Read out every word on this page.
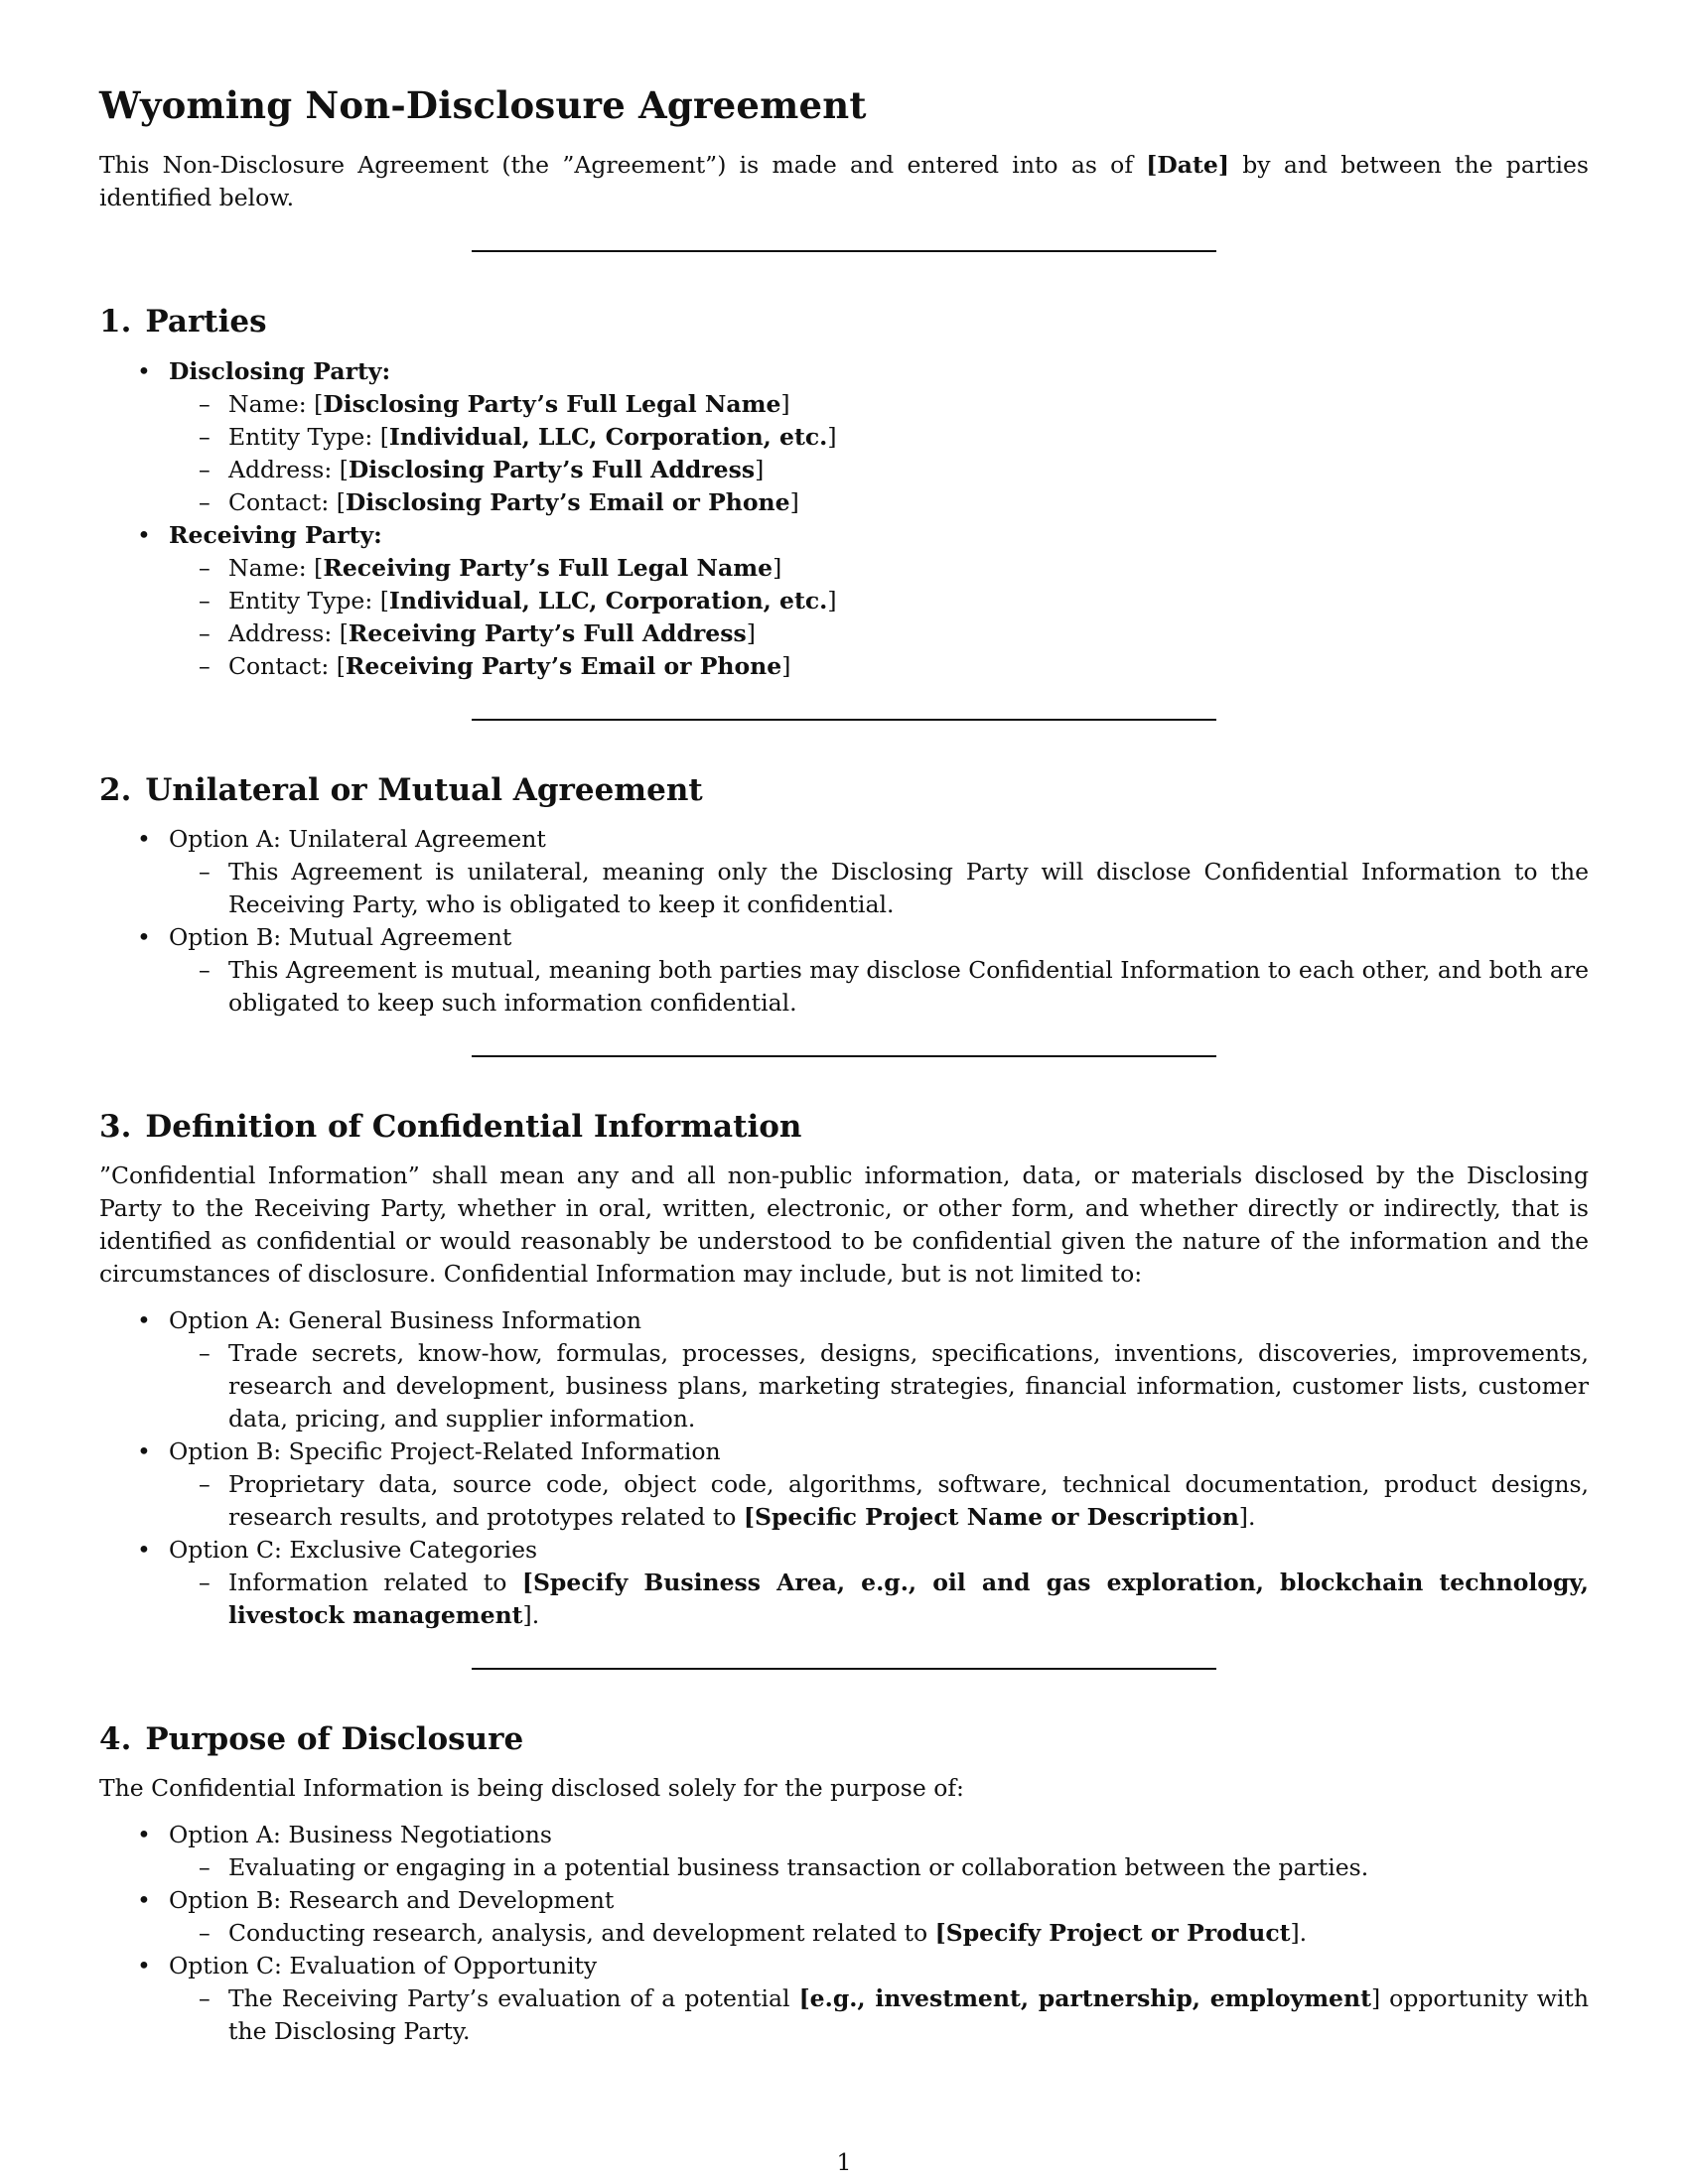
Wyoming Non-Disclosure Agreement

This Non-Disclosure Agreement (the ”Agreement”) is made and entered into as of [Date] by and between the parties identified below.

1. Parties
• Disclosing Party:
– Name: [Disclosing Party’s Full Legal Name]
– Entity Type: [Individual, LLC, Corporation, etc.]
– Address: [Disclosing Party’s Full Address]
– Contact: [Disclosing Party’s Email or Phone]
• Receiving Party:
– Name: [Receiving Party’s Full Legal Name]
– Entity Type: [Individual, LLC, Corporation, etc.]
– Address: [Receiving Party’s Full Address]
– Contact: [Receiving Party’s Email or Phone]
2. Unilateral or Mutual Agreement
• Option A: Unilateral Agreement
– This Agreement is unilateral, meaning only the Disclosing Party will disclose Confidential Information to the Receiving Party, who is obligated to keep it confidential.
• Option B: Mutual Agreement
– This Agreement is mutual, meaning both parties may disclose Confidential Information to each other, and both are obligated to keep such information confidential.
3. Definition of Confidential Information

”Confidential Information” shall mean any and all non-public information, data, or materials disclosed by the Disclosing Party to the Receiving Party, whether in oral, written, electronic, or other form, and whether directly or indirectly, that is identified as confidential or would reasonably be understood to be confidential given the nature of the information and the circumstances of disclosure. Confidential Information may include, but is not limited to:

• Option A: General Business Information
– Trade secrets, know-how, formulas, processes, designs, specifications, inventions, discoveries, improvements, research and development, business plans, marketing strategies, financial information, customer lists, customer data, pricing, and supplier information.
• Option B: Specific Project-Related Information
– Proprietary data, source code, object code, algorithms, software, technical documentation, product designs, research results, and prototypes related to [Specific Project Name or Description].
• Option C: Exclusive Categories
– Information related to [Specify Business Area, e.g., oil and gas exploration, blockchain technology, livestock management].
4. Purpose of Disclosure

The Confidential Information is being disclosed solely for the purpose of:

• Option A: Business Negotiations
– Evaluating or engaging in a potential business transaction or collaboration between the parties.
• Option B: Research and Development
– Conducting research, analysis, and development related to [Specify Project or Product].
• Option C: Evaluation of Opportunity
– The Receiving Party’s evaluation of a potential [e.g., investment, partnership, employment] opportunity with the Disclosing Party.
1
